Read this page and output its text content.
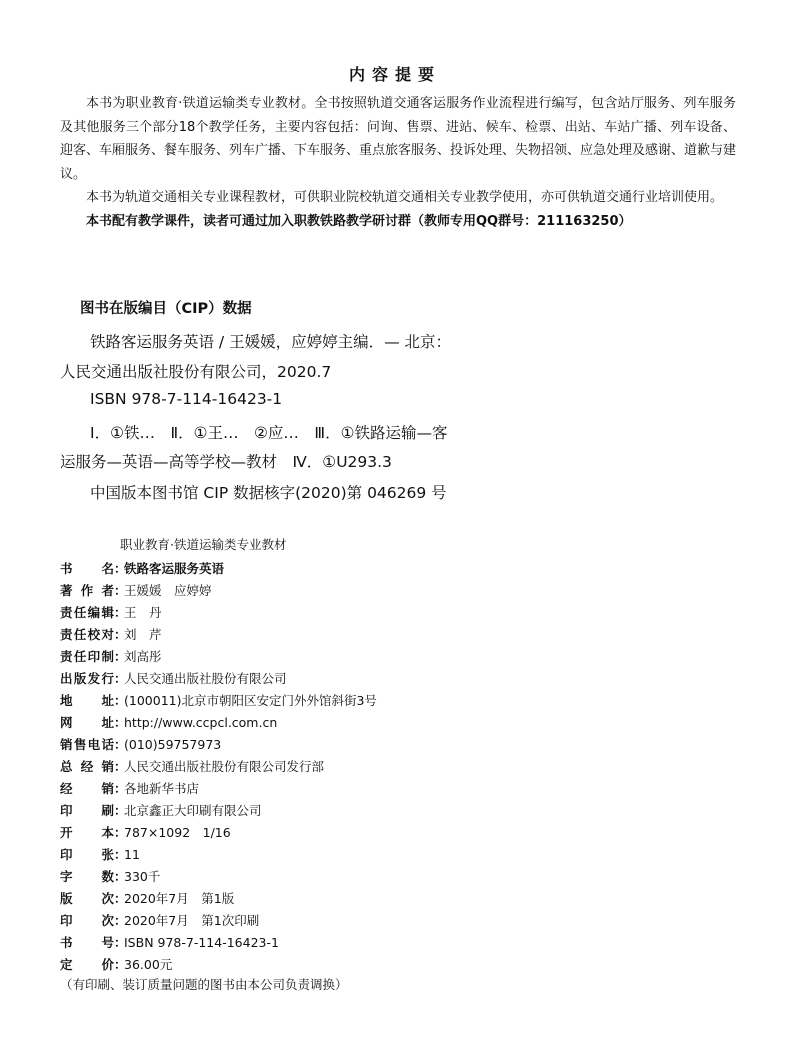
内容提要

本书为职业教育·铁道运输类专业教材。全书按照轨道交通客运服务作业流程进行编写，包含站厅服务、列车服务及其他服务三个部分18个教学任务，主要内容包括：问询、售票、进站、候车、检票、出站、车站广播、列车设备、迎客、车厢服务、餐车服务、列车广播、下车服务、重点旅客服务、投诉处理、失物招领、应急处理及感谢、道歉与建议。

本书为轨道交通相关专业课程教材，可供职业院校轨道交通相关专业教学使用，亦可供轨道交通行业培训使用。

本书配有教学课件，读者可通过加入职教铁路教学研讨群（教师专用QQ群号：211163250）

图书在版编目（CIP）数据
铁路客运服务英语 / 王媛媛，应婷婷主编．— 北京：
人民交通出版社股份有限公司，2020.7
ISBN 978-7-114-16423-1
Ⅰ．①铁…　Ⅱ．①王…　②应…　Ⅲ．①铁路运输—客
运服务—英语—高等学校—教材　Ⅳ．①U293.3
中国版本图书馆 CIP 数据核字(2020)第 046269 号
职业教育·铁道运输类专业教材
书名：铁路客运服务英语
著作者：王媛媛　应婷婷
责任编辑：王　丹
责任校对：刘　芹
责任印制：刘高彤
出版发行：人民交通出版社股份有限公司
地址：(100011)北京市朝阳区安定门外外馆斜街3号
网址：http://www.ccpcl.com.cn
销售电话：(010)59757973
总经销：人民交通出版社股份有限公司发行部
经销：各地新华书店
印刷：北京鑫正大印刷有限公司
开本：787×1092　1/16
印张：11
字数：330千
版次：2020年7月　第1版
印次：2020年7月　第1次印刷
书号：ISBN 978-7-114-16423-1
定价：36.00元
（有印刷、装订质量问题的图书由本公司负责调换）
